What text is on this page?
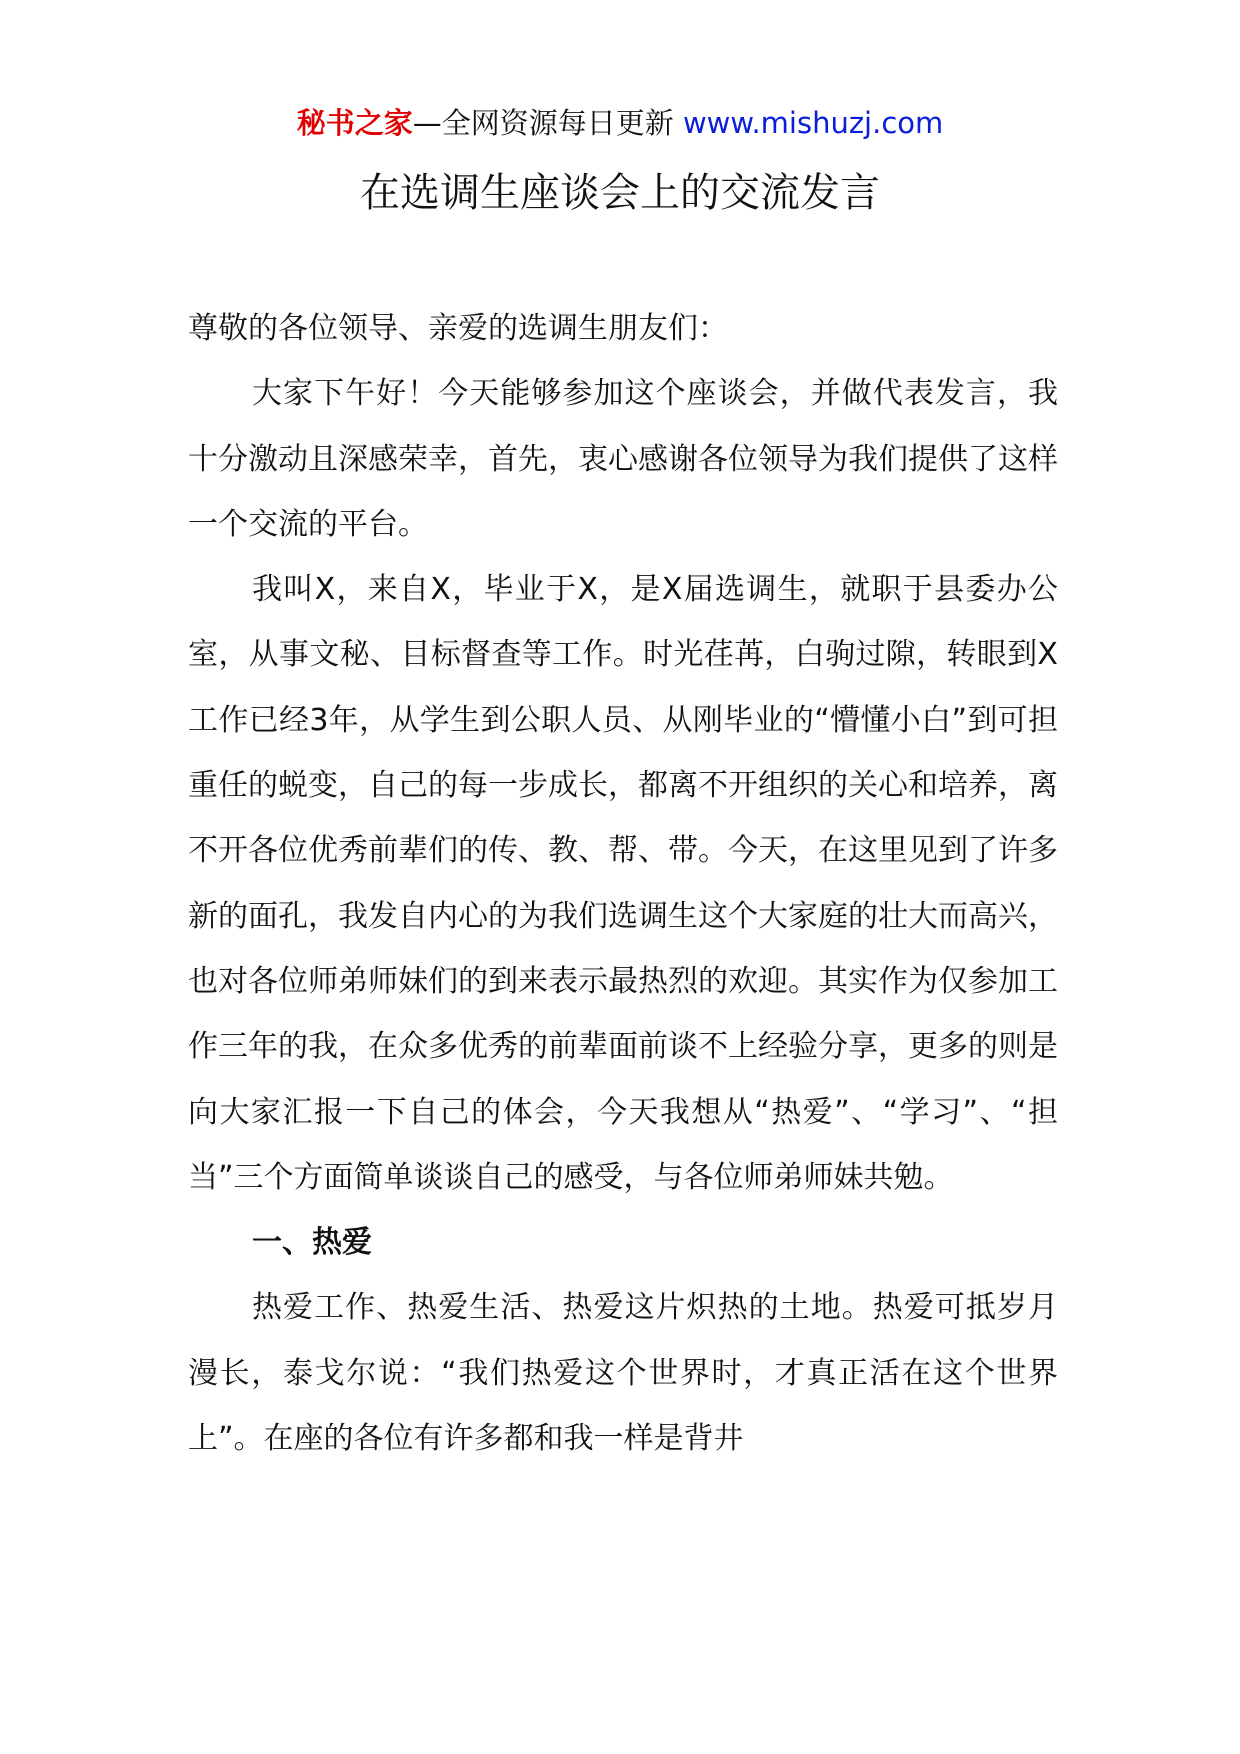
秘书之家—全网资源每日更新 www.mishuzj.com
在选调生座谈会上的交流发言

尊敬的各位领导、亲爱的选调生朋友们：

大家下午好！今天能够参加这个座谈会，并做代表发言，我十分激动且深感荣幸，首先，衷心感谢各位领导为我们提供了这样一个交流的平台。

我叫X，来自X，毕业于X，是X届选调生，就职于县委办公室，从事文秘、目标督查等工作。时光荏苒，白驹过隙，转眼到X工作已经3年，从学生到公职人员、从刚毕业的“懵懂小白”到可担重任的蜕变，自己的每一步成长，都离不开组织的关心和培养，离不开各位优秀前辈们的传、教、帮、带。今天，在这里见到了许多新的面孔，我发自内心的为我们选调生这个大家庭的壮大而高兴，也对各位师弟师妹们的到来表示最热烈的欢迎。其实作为仅参加工作三年的我，在众多优秀的前辈面前谈不上经验分享，更多的则是向大家汇报一下自己的体会，今天我想从“热爱”、“学习”、“担当”三个方面简单谈谈自己的感受，与各位师弟师妹共勉。

一、热爱

热爱工作、热爱生活、热爱这片炽热的土地。热爱可抵岁月漫长，泰戈尔说：“我们热爱这个世界时，才真正活在这个世界上”。在座的各位有许多都和我一样是背井
